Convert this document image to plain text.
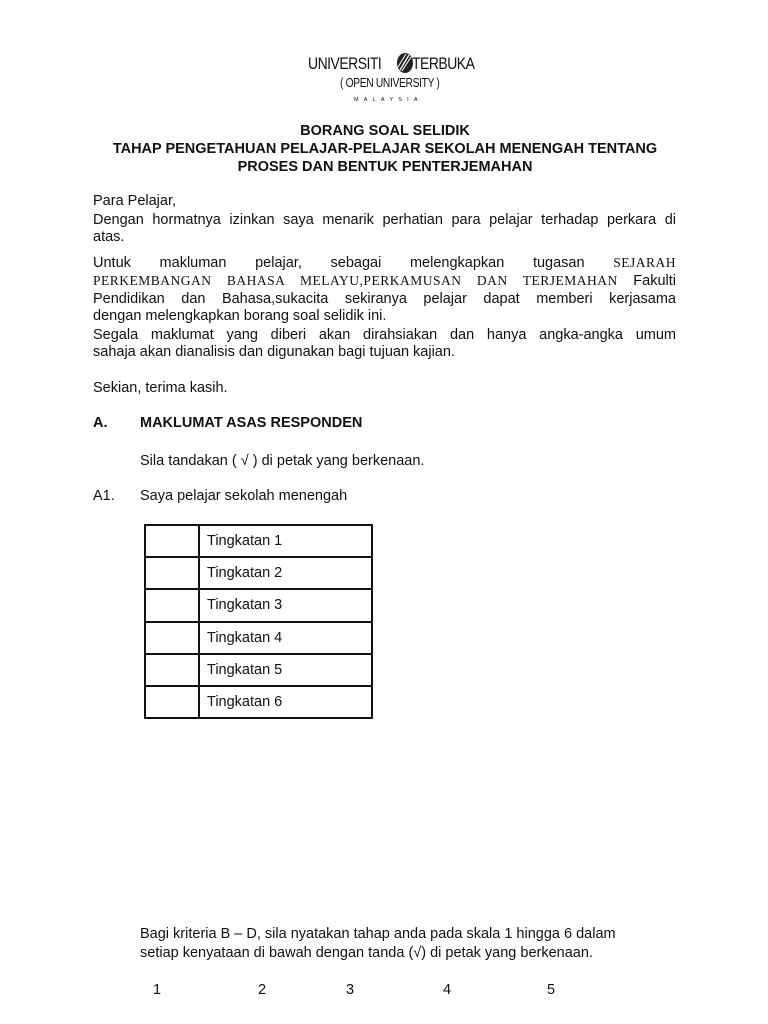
UNIVERSITI TERBUKA
( OPEN UNIVERSITY )
MALAYSIA
BORANG SOAL SELIDIK
TAHAP PENGETAHUAN PELAJAR-PELAJAR SEKOLAH MENENGAH TENTANG
PROSES DAN BENTUK PENTERJEMAHAN
Para Pelajar,
Dengan hormatnya izinkan saya menarik perhatian para pelajar terhadap perkara di
atas.
Untuk makluman pelajar, sebagai melengkapkan tugasan SEJARAH
PERKEMBANGAN BAHASA MELAYU,PERKAMUSAN DAN TERJEMAHAN Fakulti
Pendidikan dan Bahasa,sukacita sekiranya pelajar dapat memberi kerjasama
dengan melengkapkan borang soal selidik ini.
Segala maklumat yang diberi akan dirahsiakan dan hanya angka-angka umum
sahaja akan dianalisis dan digunakan bagi tujuan kajian.
Sekian, terima kasih.
A. MAKLUMAT ASAS RESPONDEN
Sila tandakan ( √ ) di petak yang berkenaan.
A1. Saya pelajar sekolah menengah
	Tingkatan 1
	Tingkatan 2
	Tingkatan 3
	Tingkatan 4
	Tingkatan 5
	Tingkatan 6
Bagi kriteria B – D, sila nyatakan tahap anda pada skala 1 hingga 6 dalam
setiap kenyataan di bawah dengan tanda (√) di petak yang berkenaan.
1	2	3	4	5
